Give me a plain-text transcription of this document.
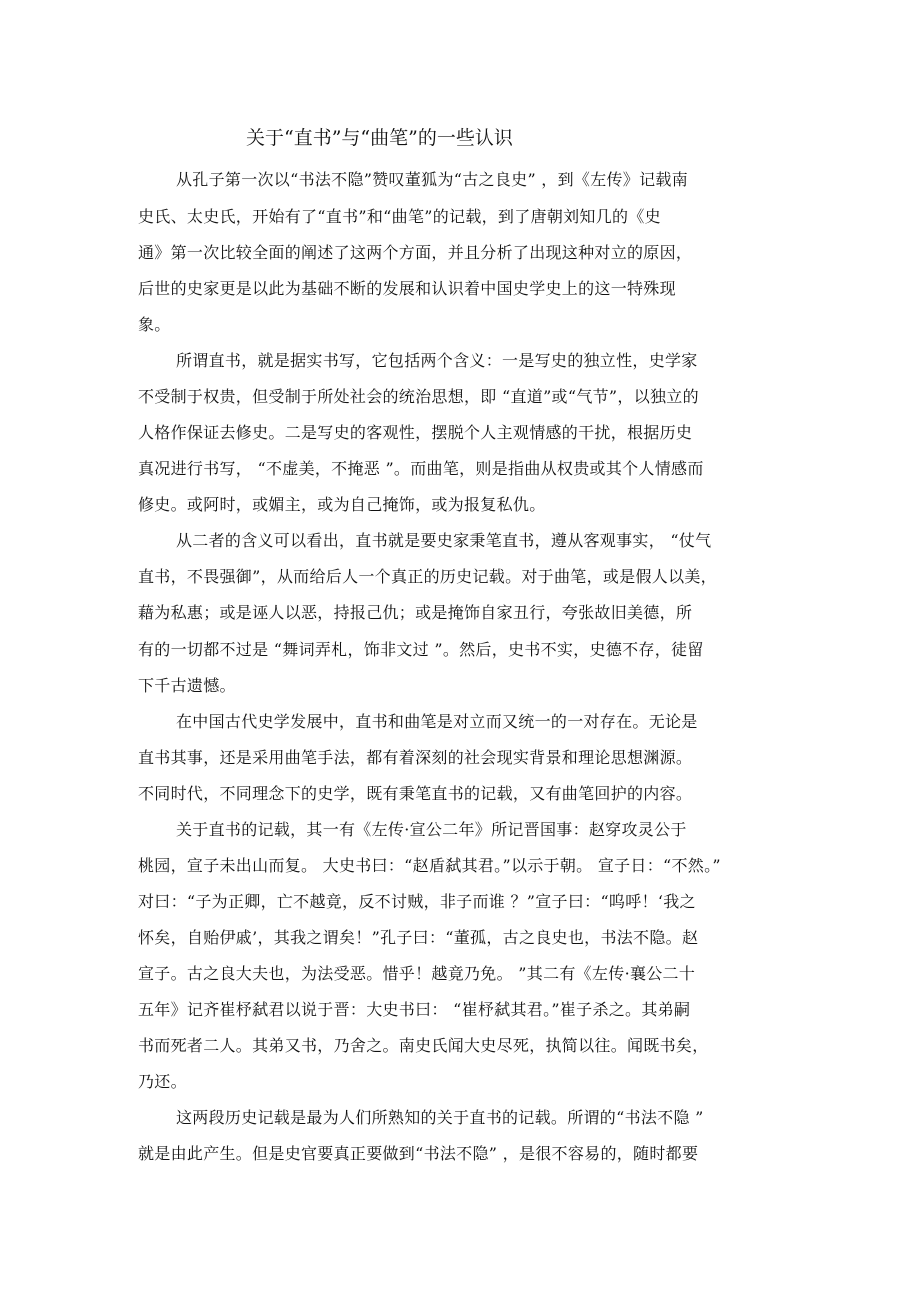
关于“直书”与“曲笔”的一些认识
从孔子第一次以“书法不隐”赞叹董狐为“古之良史” ，到《左传》记载南
史氏、太史氏，开始有了“直书”和“曲笔”的记载，到了唐朝刘知几的《史
通》第一次比较全面的阐述了这两个方面，并且分析了出现这种对立的原因，
后世的史家更是以此为基础不断的发展和认识着中国史学史上的这一特殊现
象。
所谓直书，就是据实书写，它包括两个含义：一是写史的独立性，史学家
不受制于权贵，但受制于所处社会的统治思想，即 “直道”或“气节”，以独立的
人格作保证去修史。二是写史的客观性，摆脱个人主观情感的干扰，根据历史
真况进行书写， “不虚美，不掩恶 ”。而曲笔，则是指曲从权贵或其个人情感而
修史。或阿时，或媚主，或为自己掩饰，或为报复私仇。
从二者的含义可以看出，直书就是要史家秉笔直书，遵从客观事实， “仗气
直书，不畏强御”，从而给后人一个真正的历史记载。对于曲笔，或是假人以美，
藉为私惠；或是诬人以恶，持报己仇；或是掩饰自家丑行，夸张故旧美德，所
有的一切都不过是 “舞词弄札，饰非文过 ”。然后，史书不实，史德不存，徒留
下千古遗憾。
在中国古代史学发展中，直书和曲笔是对立而又统一的一对存在。无论是
直书其事，还是采用曲笔手法，都有着深刻的社会现实背景和理论思想渊源。
不同时代，不同理念下的史学，既有秉笔直书的记载，又有曲笔回护的内容。
关于直书的记载，其一有《左传·宣公二年》所记晋国事：赵穿攻灵公于
桃园，宣子未出山而复。 大史书曰：“赵盾弑其君。”以示于朝。 宣子日：“不然。”
对曰：“子为正卿，亡不越竟，反不讨贼，非子而谁 ？”宣子曰：“呜呼！‘我之
怀矣，自贻伊戚’，其我之谓矣！”孔子曰：“董孤，古之良史也，书法不隐。赵
宣子。古之良大夫也，为法受恶。惜乎！越竟乃免。 ”其二有《左传·襄公二十
五年》记齐崔杼弑君以说于晋：大史书曰： “崔杼弑其君。”崔子杀之。其弟嗣
书而死者二人。其弟又书，乃舍之。南史氏闻大史尽死，执简以往。闻既书矣，
乃还。
这两段历史记载是最为人们所熟知的关于直书的记载。所谓的“书法不隐 ”
就是由此产生。但是史官要真正要做到“书法不隐” ，是很不容易的，随时都要
